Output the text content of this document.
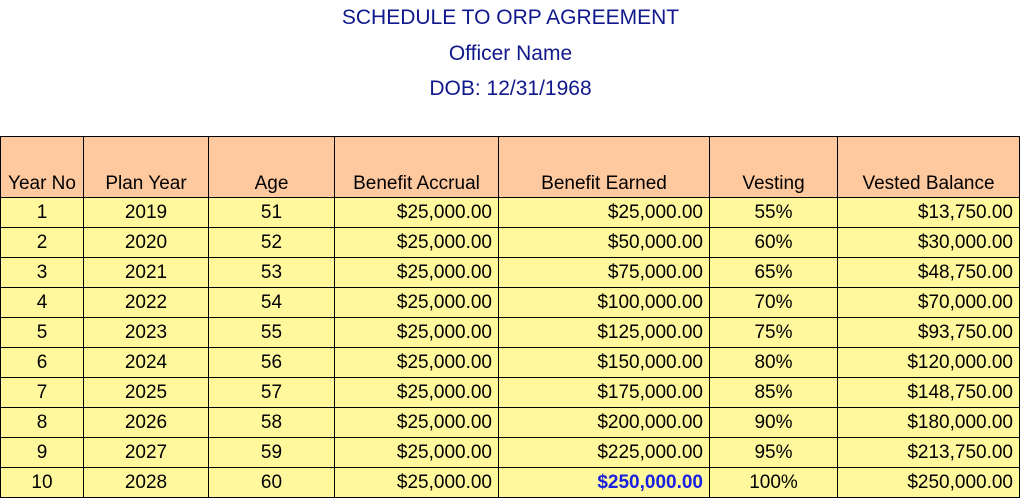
SCHEDULE TO ORP AGREEMENT
Officer Name
DOB: 12/31/1968
Year No	Plan Year	Age	Benefit Accrual	Benefit Earned	Vesting	Vested Balance
1	2019	51	$25,000.00	$25,000.00	55%	$13,750.00
2	2020	52	$25,000.00	$50,000.00	60%	$30,000.00
3	2021	53	$25,000.00	$75,000.00	65%	$48,750.00
4	2022	54	$25,000.00	$100,000.00	70%	$70,000.00
5	2023	55	$25,000.00	$125,000.00	75%	$93,750.00
6	2024	56	$25,000.00	$150,000.00	80%	$120,000.00
7	2025	57	$25,000.00	$175,000.00	85%	$148,750.00
8	2026	58	$25,000.00	$200,000.00	90%	$180,000.00
9	2027	59	$25,000.00	$225,000.00	95%	$213,750.00
10	2028	60	$25,000.00	$250,000.00	100%	$250,000.00
